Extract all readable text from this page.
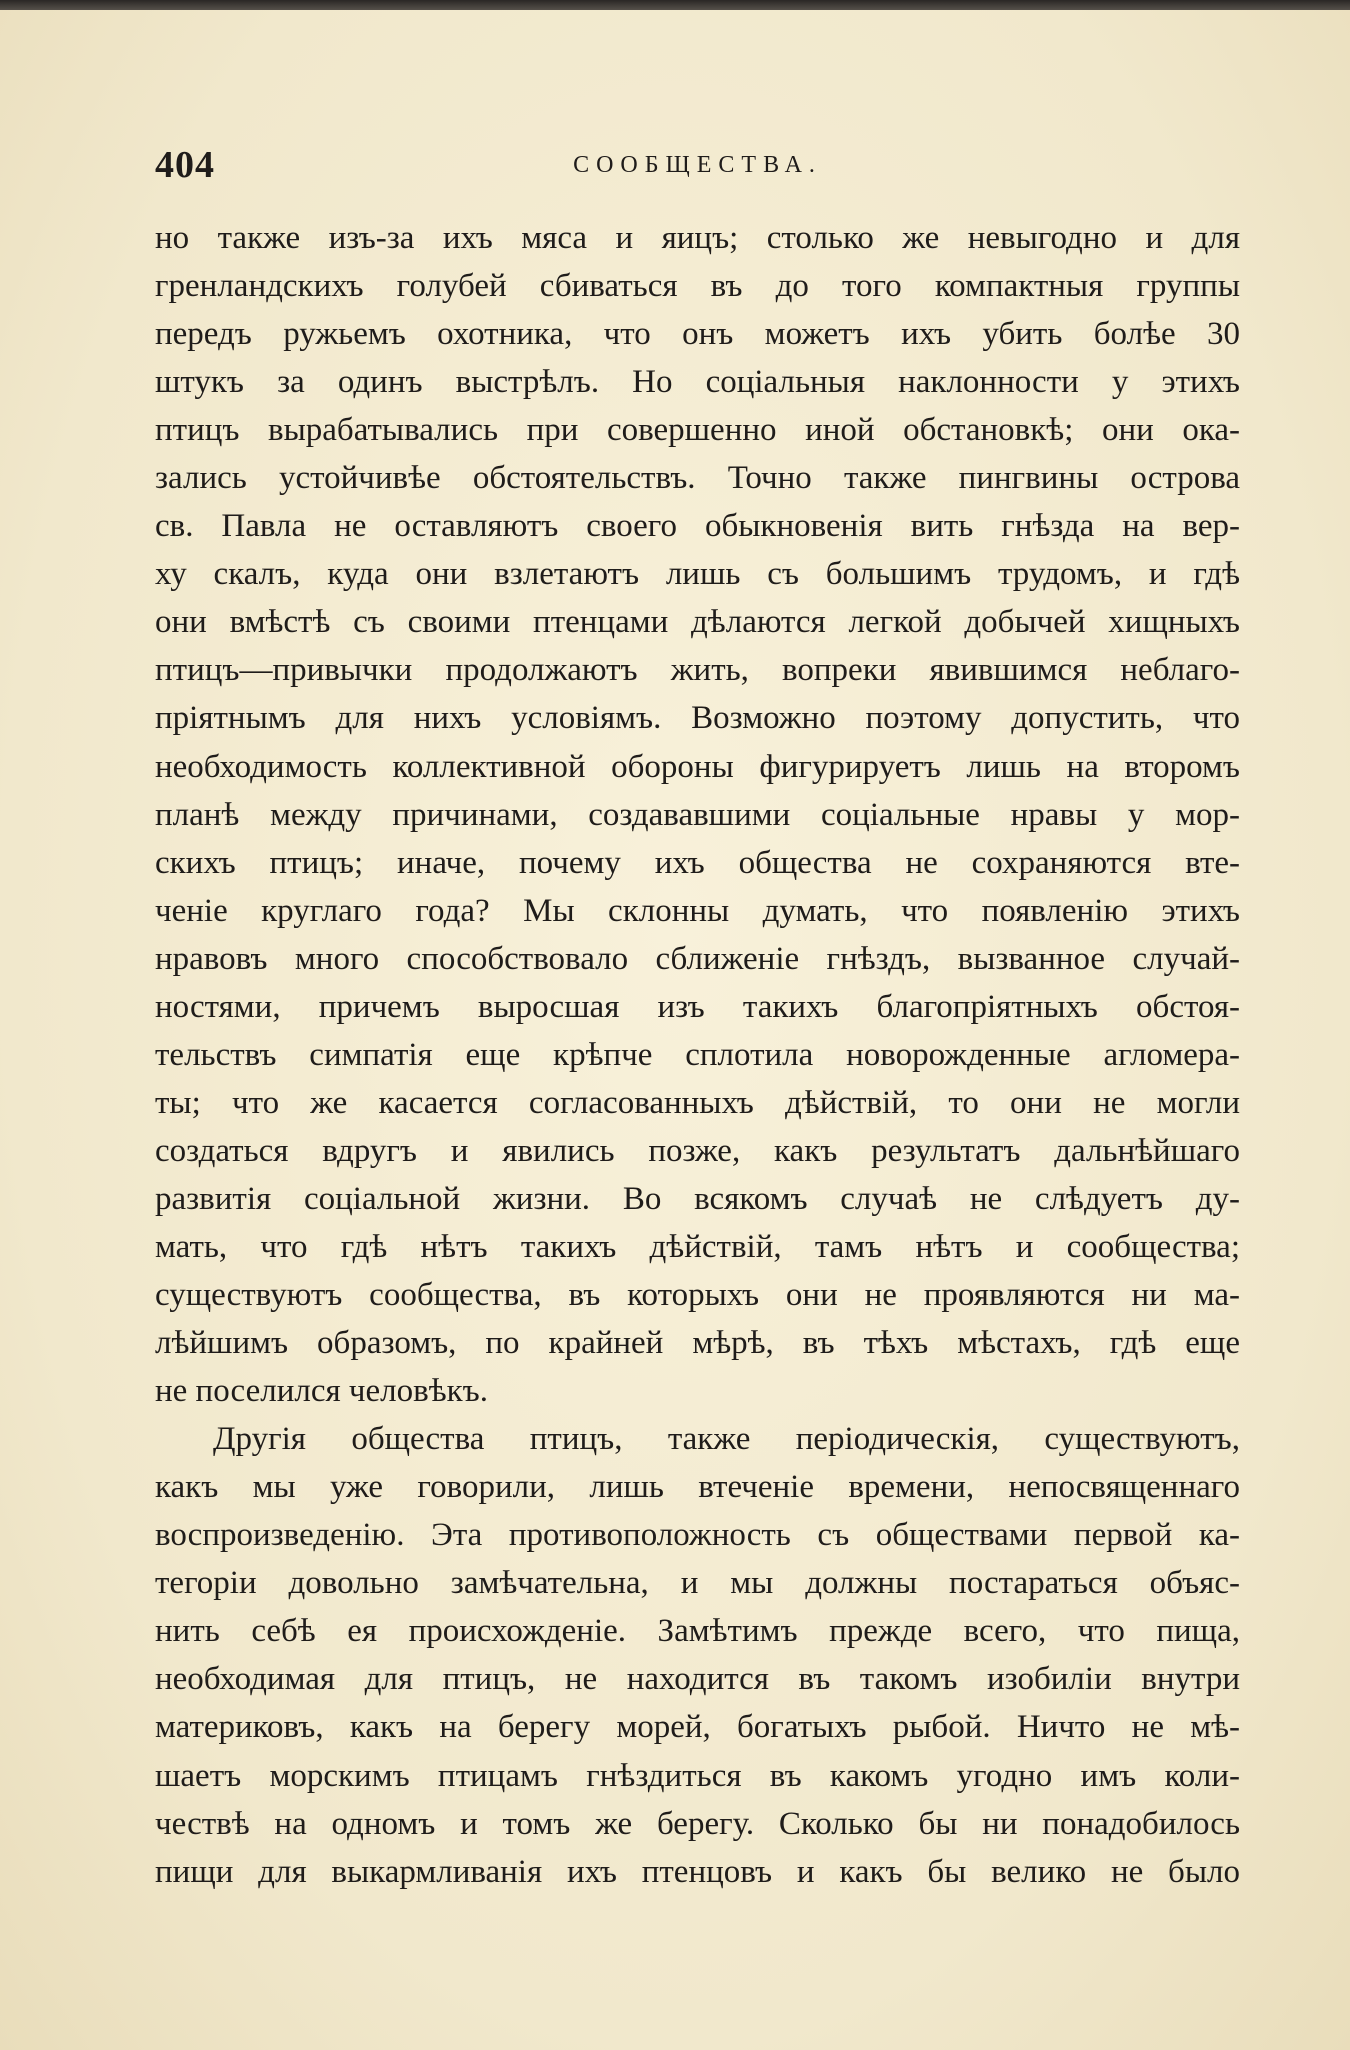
404	СООБЩЕСТВА.
но также изъ-за ихъ мяса и яицъ; столько же невыгодно и для
гренландскихъ голубей сбиваться въ до того компактныя группы
передъ ружьемъ охотника, что онъ можетъ ихъ убить болѣе 30
штукъ за одинъ выстрѣлъ. Но соціальныя наклонности у этихъ
птицъ вырабатывались при совершенно иной обстановкѣ; они ока-
зались устойчивѣе обстоятельствъ. Точно также пингвины острова
св. Павла не оставляютъ своего обыкновенія вить гнѣзда на вер-
ху скалъ, куда они взлетаютъ лишь съ большимъ трудомъ, и гдѣ
они вмѣстѣ съ своими птенцами дѣлаются легкой добычей хищныхъ
птицъ—привычки продолжаютъ жить, вопреки явившимся неблаго-
пріятнымъ для нихъ условіямъ. Возможно поэтому допустить, что
необходимость коллективной обороны фигурируетъ лишь на второмъ
планѣ между причинами, создававшими соціальные нравы у мор-
скихъ птицъ; иначе, почему ихъ общества не сохраняются вте-
ченіе круглаго года? Мы склонны думать, что появленію этихъ
нравовъ много способствовало сближеніе гнѣздъ, вызванное случай-
ностями, причемъ выросшая изъ такихъ благопріятныхъ обстоя-
тельствъ симпатія еще крѣпче сплотила новорожденные агломера-
ты; что же касается согласованныхъ дѣйствій, то они не могли
создаться вдругъ и явились позже, какъ результатъ дальнѣйшаго
развитія соціальной жизни. Во всякомъ случаѣ не слѣдуетъ ду-
мать, что гдѣ нѣтъ такихъ дѣйствій, тамъ нѣтъ и сообщества;
существуютъ сообщества, въ которыхъ они не проявляются ни ма-
лѣйшимъ образомъ, по крайней мѣрѣ, въ тѣхъ мѣстахъ, гдѣ еще
не поселился человѣкъ.
Другія общества птицъ, также періодическія, существуютъ,
какъ мы уже говорили, лишь втеченіе времени, непосвященнаго
воспроизведенію. Эта противоположность съ обществами первой ка-
тегоріи довольно замѣчательна, и мы должны постараться объяс-
нить себѣ ея происхожденіе. Замѣтимъ прежде всего, что пища,
необходимая для птицъ, не находится въ такомъ изобиліи внутри
материковъ, какъ на берегу морей, богатыхъ рыбой. Ничто не мѣ-
шаетъ морскимъ птицамъ гнѣздиться въ какомъ угодно имъ коли-
чествѣ на одномъ и томъ же берегу. Сколько бы ни понадобилось
пищи для выкармливанія ихъ птенцовъ и какъ бы велико не было
